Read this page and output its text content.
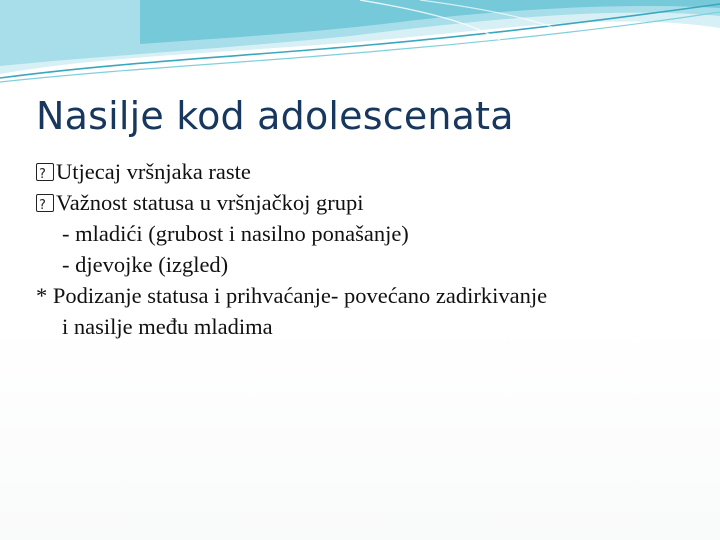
Nasilje kod adolescenata

?
Utjecaj vršnjaka raste

?
Važnost statusa u vršnjačkoj grupi

- mladići (grubost i nasilno ponašanje)

- djevojke (izgled)

* Podizanje statusa i prihvaćanje- povećano zadirkivanje

i nasilje među mladima
